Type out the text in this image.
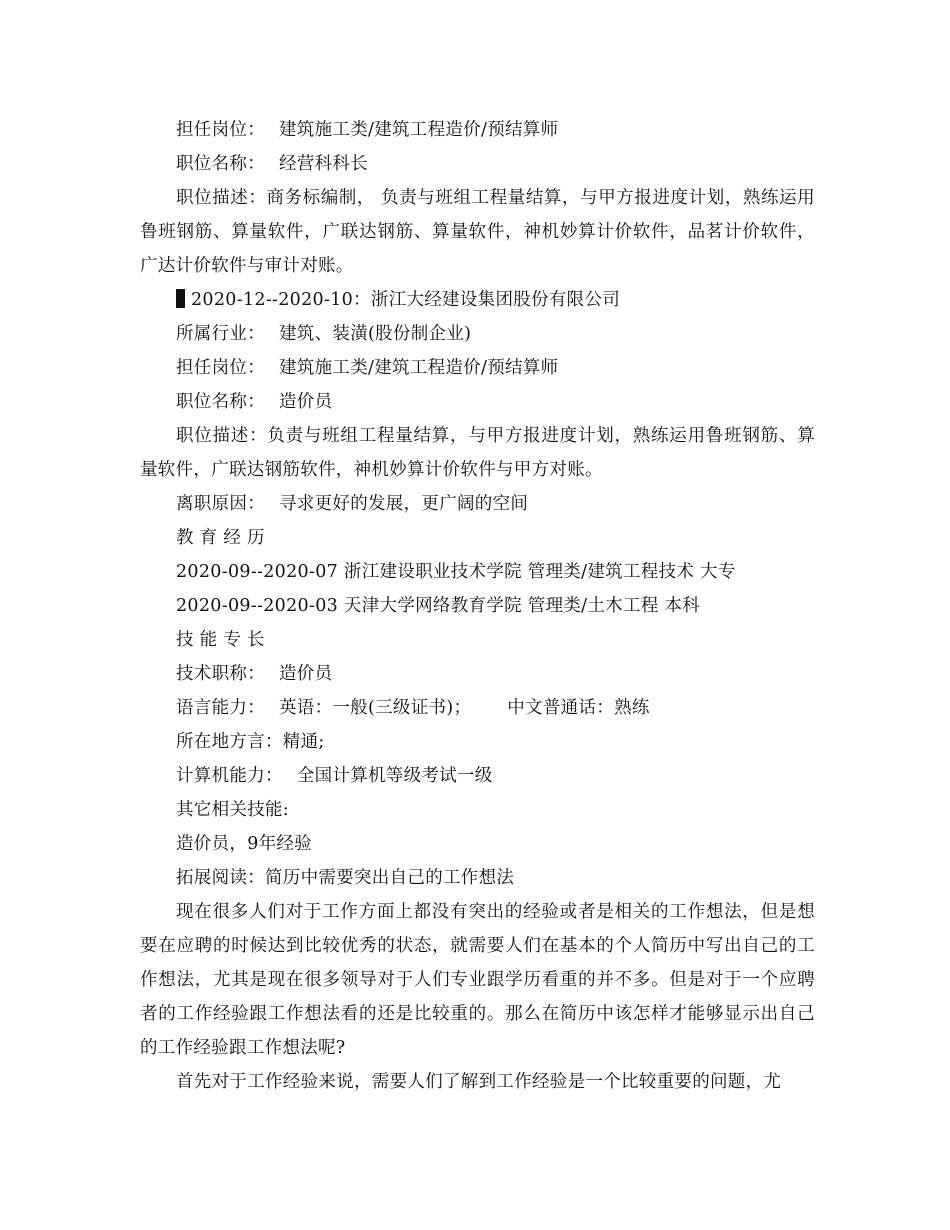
担任岗位： 建筑施工类/建筑工程造价/预结算师
职位名称： 经营科科长

职位描述：商务标编制， 负责与班组工程量结算，与甲方报进度计划，熟练运用鲁班钢筋、算量软件，广联达钢筋、算量软件，神机妙算计价软件，品茗计价软件，广达计价软件与审计对账。

2020-12--2020-10：浙江大经建设集团股份有限公司
所属行业： 建筑、装潢(股份制企业)
担任岗位： 建筑施工类/建筑工程造价/预结算师
职位名称： 造价员

职位描述：负责与班组工程量结算，与甲方报进度计划，熟练运用鲁班钢筋、算量软件，广联达钢筋软件，神机妙算计价软件与甲方对账。

离职原因： 寻求更好的发展，更广阔的空间
教 育 经 历
2020-09--2020-07 浙江建设职业技术学院 管理类/建筑工程技术 大专
2020-09--2020-03 天津大学网络教育学院 管理类/土木工程 本科
技 能 专 长
技术职称： 造价员
语言能力： 英语：一般(三级证书)； 中文普通话：熟练
所在地方言：精通;
计算机能力： 全国计算机等级考试一级
其它相关技能:
造价员，9年经验
拓展阅读：简历中需要突出自己的工作想法

现在很多人们对于工作方面上都没有突出的经验或者是相关的工作想法，但是想要在应聘的时候达到比较优秀的状态，就需要人们在基本的个人简历中写出自己的工作想法，尤其是现在很多领导对于人们专业跟学历看重的并不多。但是对于一个应聘者的工作经验跟工作想法看的还是比较重的。那么在简历中该怎样才能够显示出自己的工作经验跟工作想法呢?

首先对于工作经验来说，需要人们了解到工作经验是一个比较重要的问题，尤
